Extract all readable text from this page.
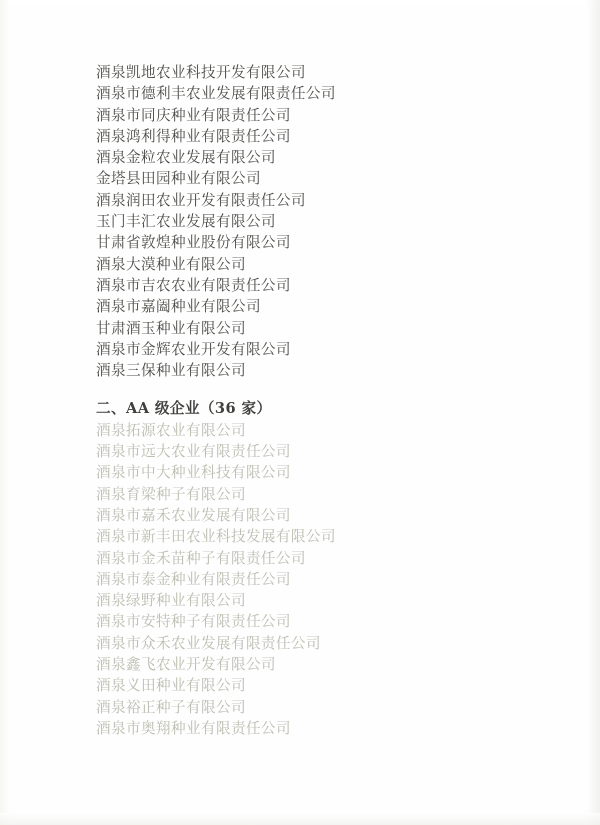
酒泉凯地农业科技开发有限公司
酒泉市德利丰农业发展有限责任公司
酒泉市同庆种业有限责任公司
酒泉鸿利得种业有限责任公司
酒泉金粒农业发展有限公司
金塔县田园种业有限公司
酒泉润田农业开发有限责任公司
玉门丰汇农业发展有限公司
甘肃省敦煌种业股份有限公司
酒泉大漠种业有限公司
酒泉市吉农农业有限责任公司
酒泉市嘉阖种业有限公司
甘肃酒玉种业有限公司
酒泉市金辉农业开发有限公司
酒泉三保种业有限公司
二、AA 级企业（36 家）
酒泉拓源农业有限公司
酒泉市远大农业有限责任公司
酒泉市中大种业科技有限公司
酒泉育梁种子有限公司
酒泉市嘉禾农业发展有限公司
酒泉市新丰田农业科技发展有限公司
酒泉市金禾苗种子有限责任公司
酒泉市泰金种业有限责任公司
酒泉绿野种业有限公司
酒泉市安特种子有限责任公司
酒泉市众禾农业发展有限责任公司
酒泉鑫飞农业开发有限公司
酒泉义田种业有限公司
酒泉裕正种子有限公司
酒泉市奥翔种业有限责任公司
